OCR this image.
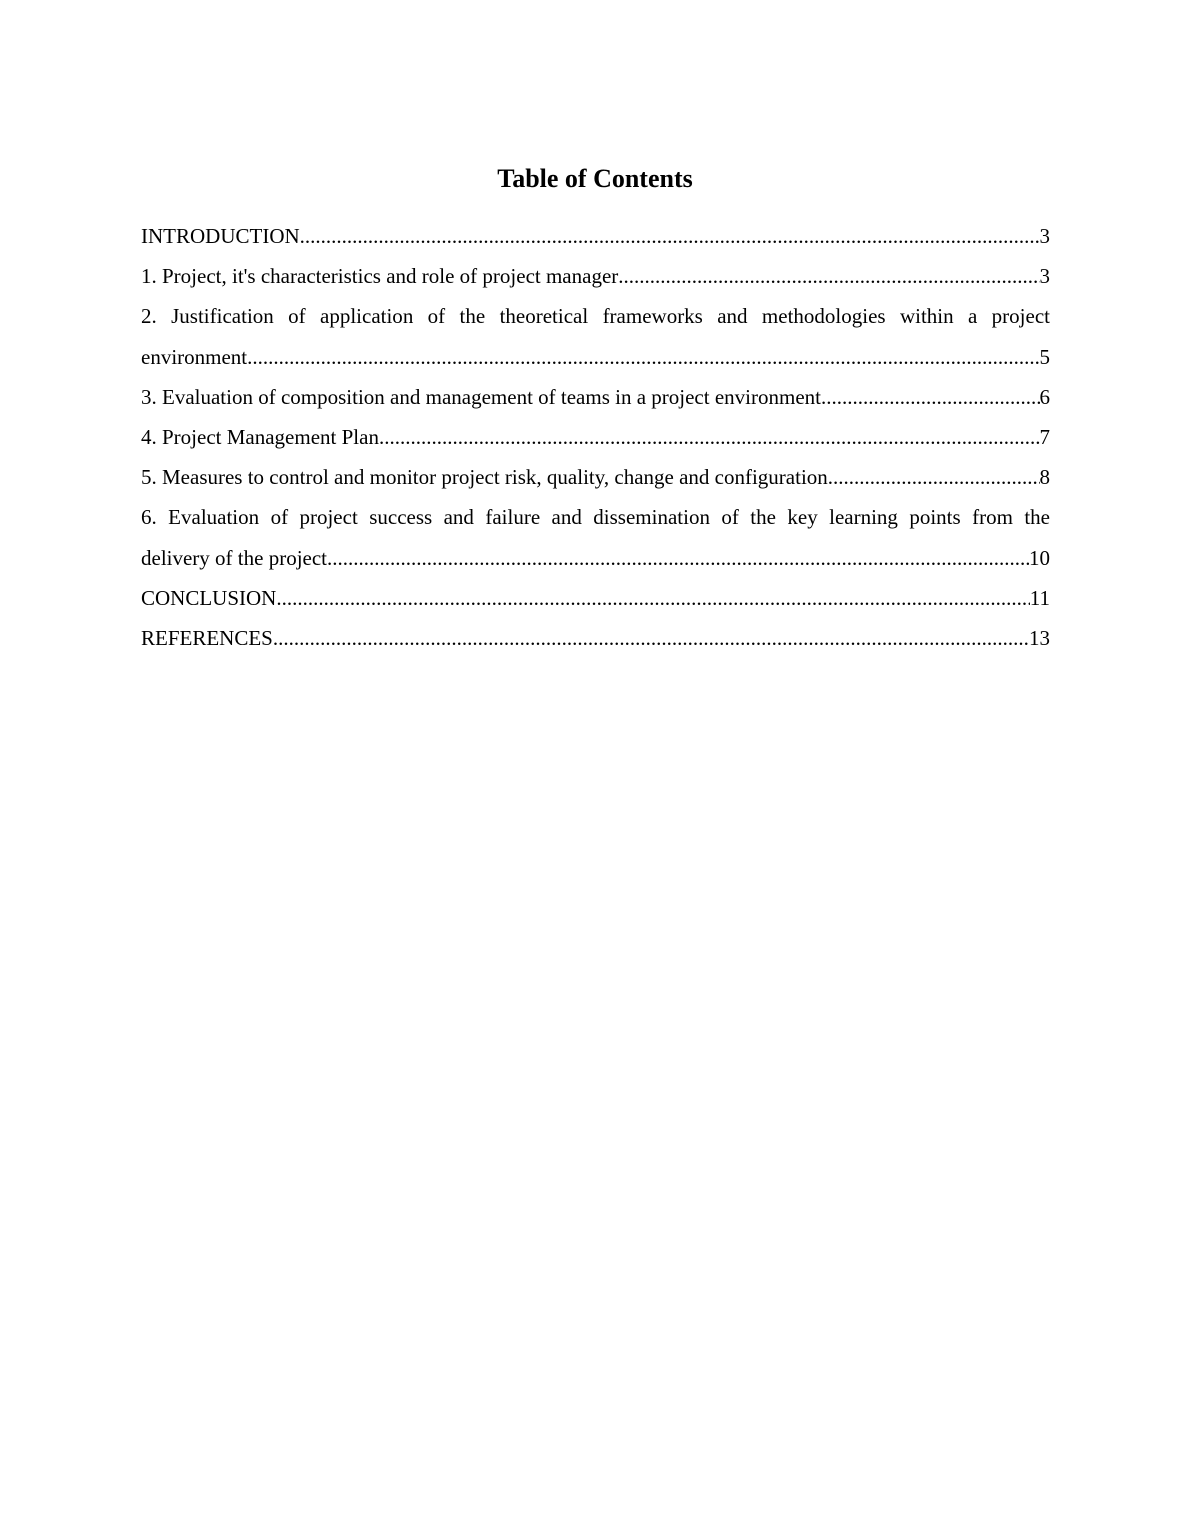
Table of Contents
INTRODUCTION .....	3
1. Project, it's characteristics and role of project manager .....	3
2. Justification of application of the theoretical frameworks and methodologies within a project
environment .....	5
3. Evaluation of composition and management of teams in a project environment .....	6
4. Project Management Plan .....	7
5. Measures to control and monitor project risk, quality, change and configuration .....	8
6. Evaluation of project success and failure and dissemination of the key learning points from the
delivery of the project .....	10
CONCLUSION .....	11
REFERENCES .....	13
